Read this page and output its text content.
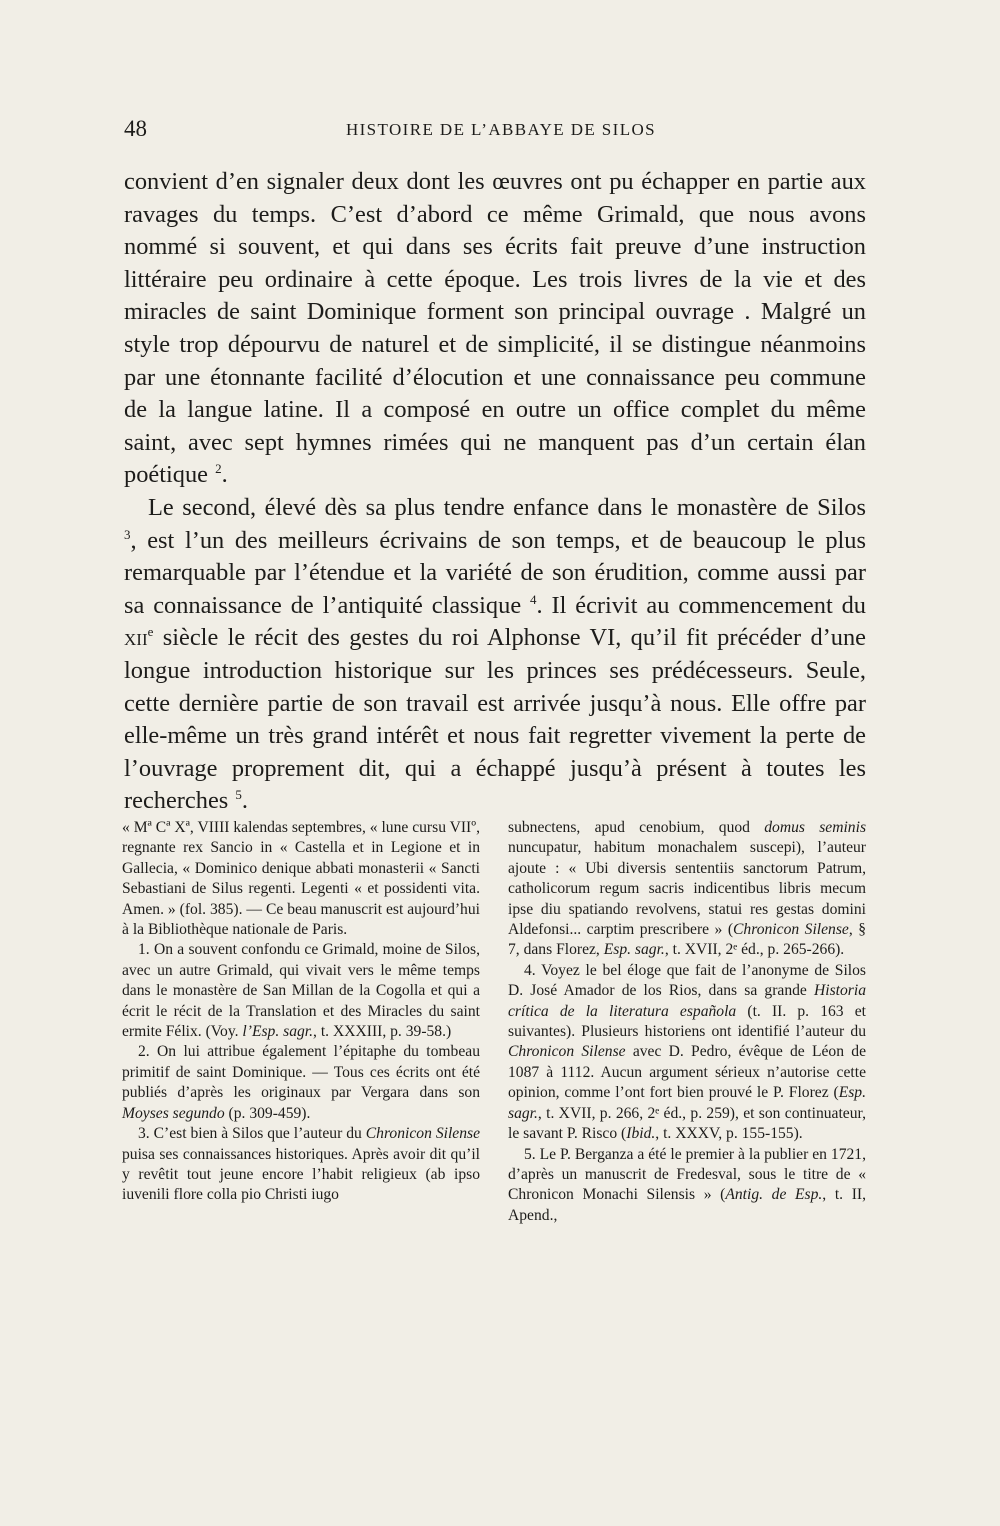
48	HISTOIRE DE L’ABBAYE DE SILOS

convient d’en signaler deux dont les œuvres ont pu échapper en partie aux ravages du temps. C’est d’abord ce même Grimald, que nous avons nommé si souvent, et qui dans ses écrits fait preuve d’une instruction littéraire peu ordinaire à cette époque. Les trois livres de la vie et des miracles de saint Dominique forment son principal ouvrage . Malgré un style trop dépourvu de naturel et de simplicité, il se distingue néanmoins par une étonnante facilité d’élocution et une connaissance peu commune de la langue latine. Il a composé en outre un office complet du même saint, avec sept hymnes rimées qui ne manquent pas d’un certain élan poétique $^2$.

Le second, élevé dès sa plus tendre enfance dans le monastère de Silos $^3$, est l’un des meilleurs écrivains de son temps, et de beaucoup le plus remarquable par l’étendue et la variété de son érudition, comme aussi par sa connaissance de l’antiquité classique $^4$. Il écrivit au commencement du xii$^e$ siècle le récit des gestes du roi Alphonse VI, qu’il fit précéder d’une longue introduction historique sur les princes ses prédécesseurs. Seule, cette dernière partie de son travail est arrivée jusqu’à nous. Elle offre par elle-même un très grand intérêt et nous fait regretter vivement la perte de l’ouvrage proprement dit, qui a échappé jusqu’à présent à toutes les recherches $^5$.

« Mª Cª Xª, VIIII kalendas septembres, « lune cursu VIIº, regnante rex Sancio in « Castella et in Legione et in Gallecia, « Dominico denique abbati monasterii « Sancti Sebastiani de Silus regenti. Legenti « et possidenti vita. Amen. » (fol. 385). — Ce beau manuscrit est aujourd’hui à la Bibliothèque nationale de Paris.

1. On a souvent confondu ce Grimald, moine de Silos, avec un autre Grimald, qui vivait vers le même temps dans le monastère de San Millan de la Cogolla et qui a écrit le récit de la Translation et des Miracles du saint ermite Félix. (Voy. l’Esp. sagr., t. XXXIII, p. 39-58.)

2. On lui attribue également l’épitaphe du tombeau primitif de saint Dominique. — Tous ces écrits ont été publiés d’après les originaux par Vergara dans son Moyses segundo (p. 309-459).

3. C’est bien à Silos que l’auteur du Chronicon Silense puisa ses connaissances historiques. Après avoir dit qu’il y revêtit tout jeune encore l’habit religieux (ab ipso iuvenili flore colla pio Christi iugo

subnectens, apud cenobium, quod domus seminis nuncupatur, habitum monachalem suscepi), l’auteur ajoute : « Ubi diversis sententiis sanctorum Patrum, catholicorum regum sacris indicentibus libris mecum ipse diu spatiando revolvens, statui res gestas domini Aldefonsi... carptim prescribere » (Chronicon Silense, § 7, dans Florez, Esp. sagr., t. XVII, 2ᵉ éd., p. 265-266).

4. Voyez le bel éloge que fait de l’anonyme de Silos D. José Amador de los Rios, dans sa grande Historia crítica de la literatura española (t. II. p. 163 et suivantes). Plusieurs historiens ont identifié l’auteur du Chronicon Silense avec D. Pedro, évêque de Léon de 1087 à 1112. Aucun argument sérieux n’autorise cette opinion, comme l’ont fort bien prouvé le P. Florez (Esp. sagr., t. XVII, p. 266, 2ᵉ éd., p. 259), et son continuateur, le savant P. Risco (Ibid., t. XXXV, p. 155-155).

5. Le P. Berganza a été le premier à la publier en 1721, d’après un manuscrit de Fredesval, sous le titre de « Chronicon Monachi Silensis » (Antig. de Esp., t. II, Apend.,
